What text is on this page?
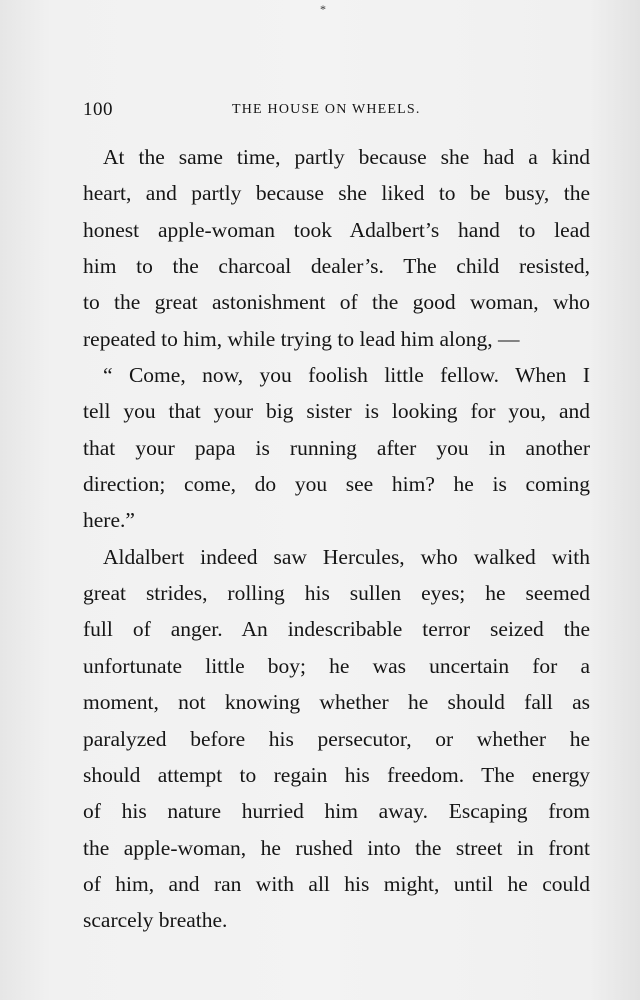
*
100	THE HOUSE ON WHEELS.
At the same time, partly because she had a kind
heart, and partly because she liked to be busy, the
honest apple-woman took Adalbert’s hand to lead
him to the charcoal dealer’s. The child resisted,
to the great astonishment of the good woman, who
repeated to him, while trying to lead him along, —
“ Come, now, you foolish little fellow. When I
tell you that your big sister is looking for you, and
that your papa is running after you in another
direction; come, do you see him? he is coming
here.”
Aldalbert indeed saw Hercules, who walked with
great strides, rolling his sullen eyes; he seemed
full of anger. An indescribable terror seized the
unfortunate little boy; he was uncertain for a
moment, not knowing whether he should fall as
paralyzed before his persecutor, or whether he
should attempt to regain his freedom. The energy
of his nature hurried him away. Escaping from
the apple-woman, he rushed into the street in front
of him, and ran with all his might, until he could
scarcely breathe.
